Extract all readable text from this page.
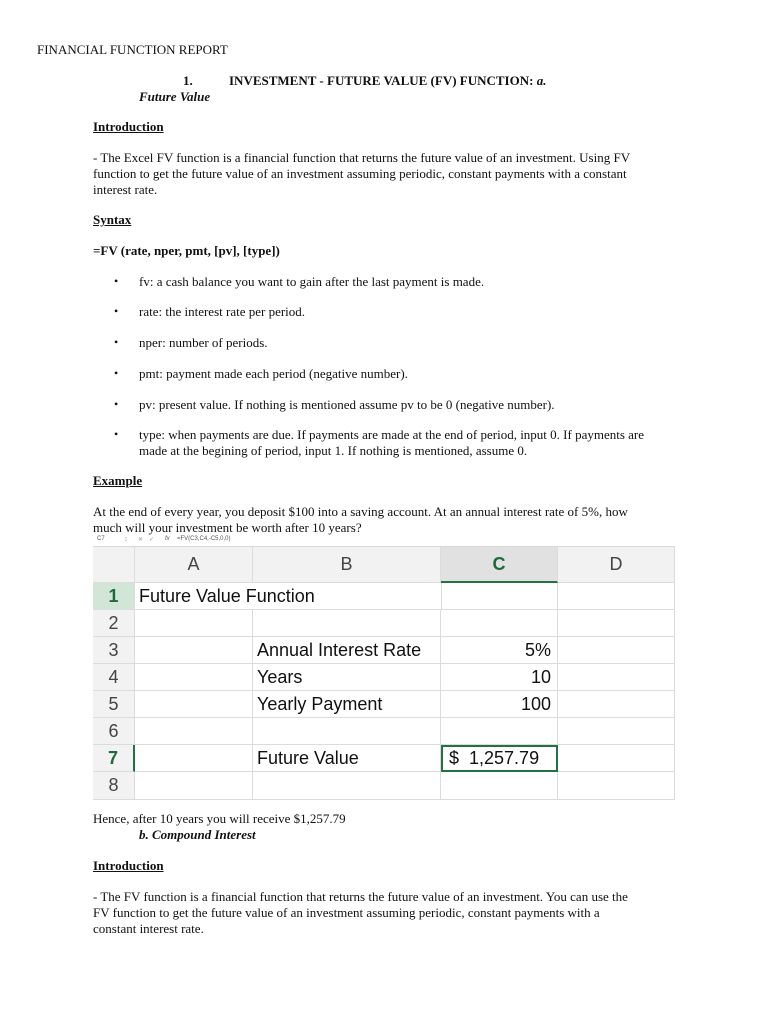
FINANCIAL FUNCTION REPORT
1.	INVESTMENT - FUTURE VALUE (FV) FUNCTION: a.
Future Value
Introduction
- The Excel FV function is a financial function that returns the future value of an investment. Using FV function to get the future value of an investment assuming periodic, constant payments with a constant interest rate.
Syntax
=FV (rate, nper, pmt, [pv], [type])
• fv: a cash balance you want to gain after the last payment is made.
• rate: the interest rate per period.
• nper: number of periods.
• pmt: payment made each period (negative number).
• pv: present value. If nothing is mentioned assume pv to be 0 (negative number).
• type: when payments are due. If payments are made at the end of period, input 0. If payments are made at the begining of period, input 1. If nothing is mentioned, assume 0.
Example
At the end of every year, you deposit $100 into a saving account. At an annual interest rate of 5%, how much will your investment be worth after 10 years?
C7	⁝ ✕ ✓ fx =FV(C3,C4,-C5,0,0)
A	B	C	D
1	Future Value Function
2
3	Annual Interest Rate	5%
4	Years	10
5	Yearly Payment	100
6
7	Future Value	$  1,257.79
8
Hence, after 10 years you will receive $1,257.79
b. Compound Interest
Introduction
- The FV function is a financial function that returns the future value of an investment. You can use the FV function to get the future value of an investment assuming periodic, constant payments with a constant interest rate.
